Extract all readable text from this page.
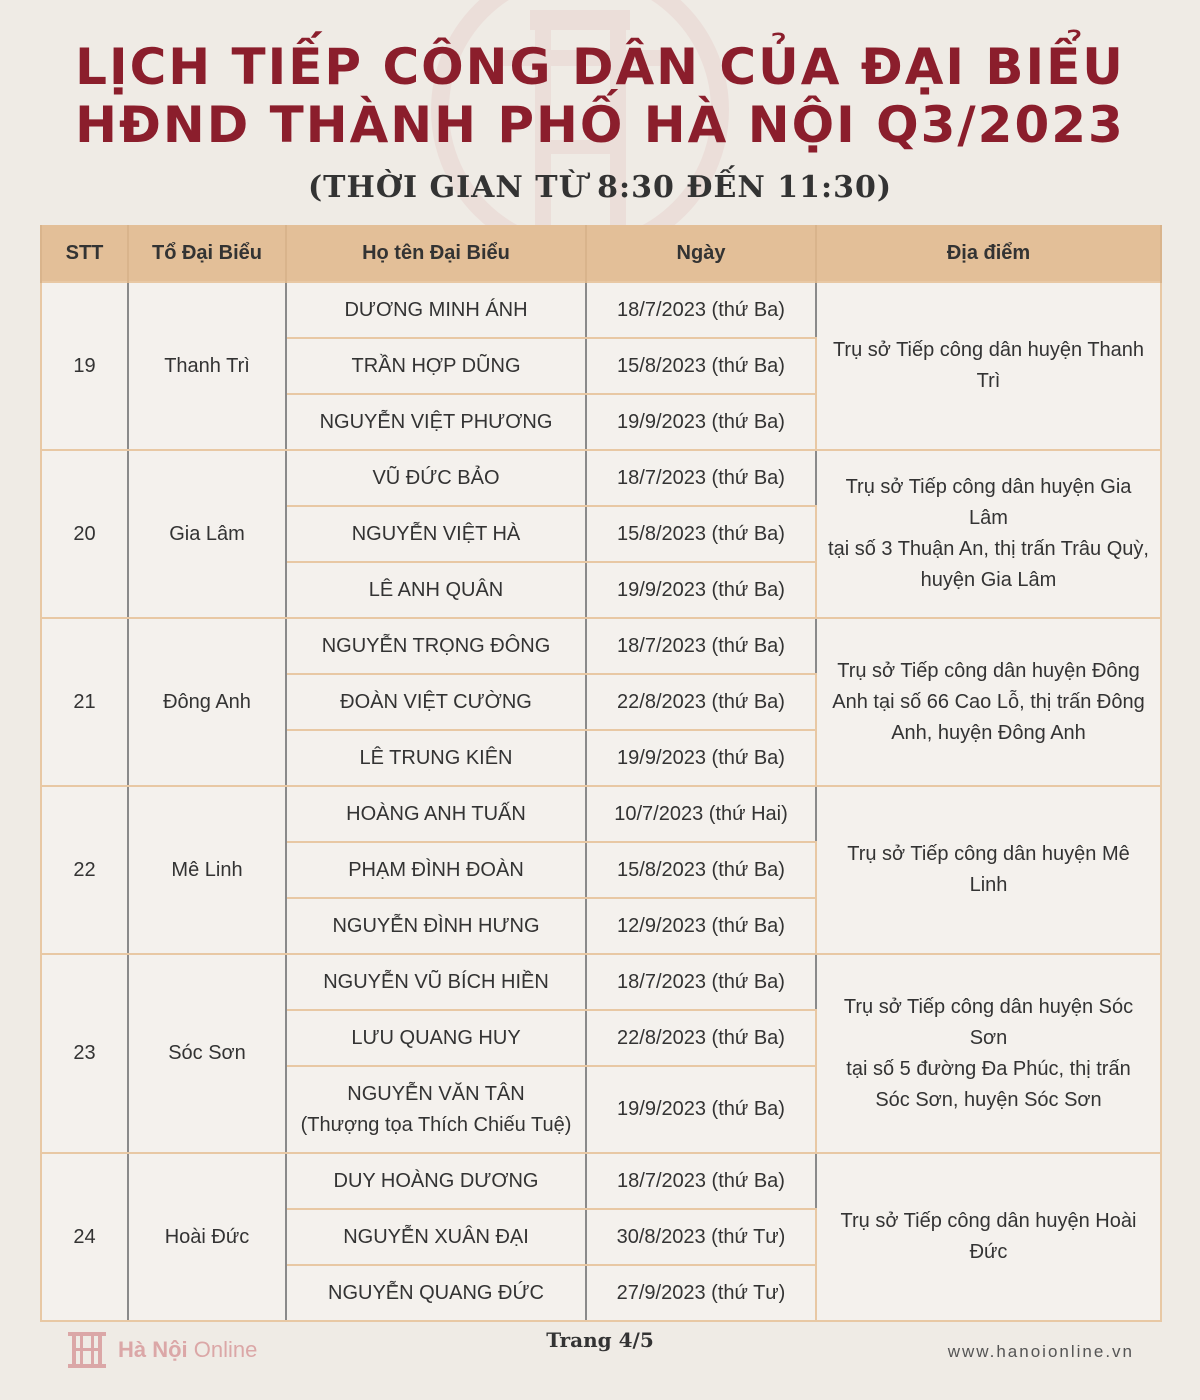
LỊCH TIẾP CÔNG DÂN CỦA ĐẠI BIỂU
HĐND THÀNH PHỐ HÀ NỘI Q3/2023
(THỜI GIAN TỪ 8:30 ĐẾN 11:30)
STT	Tổ Đại Biểu	Họ tên Đại Biểu	Ngày	Địa điểm
19	Thanh Trì	DƯƠNG MINH ÁNH	18/7/2023 (thứ Ba)	Trụ sở Tiếp công dân huyện Thanh Trì
		TRẦN HỢP DŨNG	15/8/2023 (thứ Ba)	
		NGUYỄN VIỆT PHƯƠNG	19/9/2023 (thứ Ba)	
20	Gia Lâm	VŨ ĐỨC BẢO	18/7/2023 (thứ Ba)	Trụ sở Tiếp công dân huyện Gia Lâm
tại số 3 Thuận An, thị trấn Trâu Quỳ, huyện Gia Lâm
		NGUYỄN VIỆT HÀ	15/8/2023 (thứ Ba)	
		LÊ ANH QUÂN	19/9/2023 (thứ Ba)	
21	Đông Anh	NGUYỄN TRỌNG ĐÔNG	18/7/2023 (thứ Ba)	Trụ sở Tiếp công dân huyện Đông Anh tại số 66 Cao Lỗ, thị trấn Đông Anh, huyện Đông Anh
		ĐOÀN VIỆT CƯỜNG	22/8/2023 (thứ Ba)	
		LÊ TRUNG KIÊN	19/9/2023 (thứ Ba)	
22	Mê Linh	HOÀNG ANH TUẤN	10/7/2023 (thứ Hai)	Trụ sở Tiếp công dân huyện Mê Linh
		PHẠM ĐÌNH ĐOÀN	15/8/2023 (thứ Ba)	
		NGUYỄN ĐÌNH HƯNG	12/9/2023 (thứ Ba)	
23	Sóc Sơn	NGUYỄN VŨ BÍCH HIỀN	18/7/2023 (thứ Ba)	Trụ sở Tiếp công dân huyện Sóc Sơn
tại số 5 đường Đa Phúc, thị trấn Sóc Sơn, huyện Sóc Sơn
		LƯU QUANG HUY	22/8/2023 (thứ Ba)	
		NGUYỄN VĂN TÂN
(Thượng tọa Thích Chiếu Tuệ)	19/9/2023 (thứ Ba)	
24	Hoài Đức	DUY HOÀNG DƯƠNG	18/7/2023 (thứ Ba)	Trụ sở Tiếp công dân huyện Hoài Đức
		NGUYỄN XUÂN ĐẠI	30/8/2023 (thứ Tư)	
		NGUYỄN QUANG ĐỨC	27/9/2023 (thứ Tư)	
Hà Nội Online	Trang 4/5	www.hanoionline.vn
